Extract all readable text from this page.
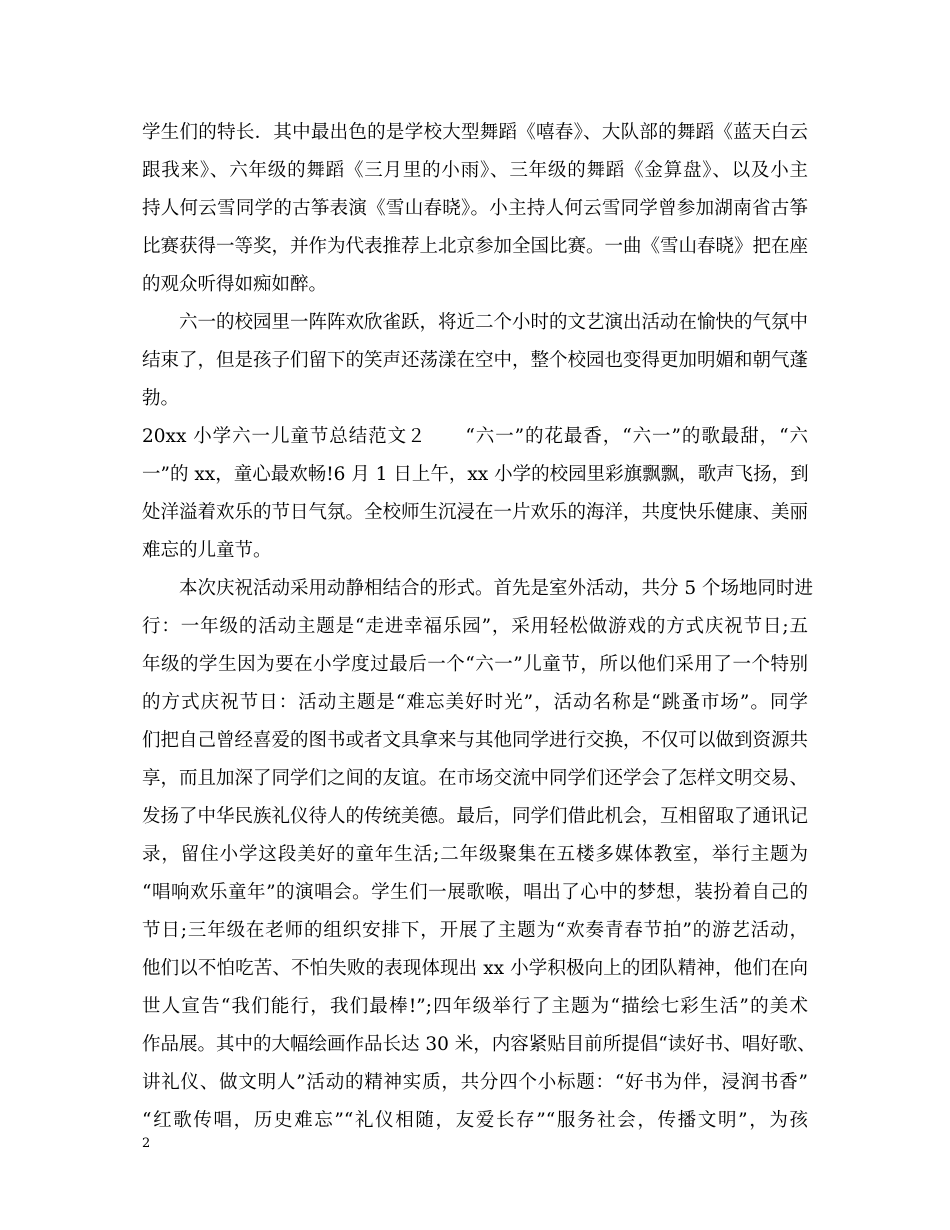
学生们的特长．其中最出色的是学校大型舞蹈《嘻春》、大队部的舞蹈《蓝天白云
跟我来》、六年级的舞蹈《三月里的小雨》、三年级的舞蹈《金算盘》、以及小主
持人何云雪同学的古筝表演《雪山春晓》。小主持人何云雪同学曾参加湖南省古筝
比赛获得一等奖，并作为代表推荐上北京参加全国比赛。一曲《雪山春晓》把在座
的观众听得如痴如醉。
六一的校园里一阵阵欢欣雀跃，将近二个小时的文艺演出活动在愉快的气氛中
结束了，但是孩子们留下的笑声还荡漾在空中，整个校园也变得更加明媚和朝气蓬
勃。
20xx 小学六一儿童节总结范文２　　“六一”的花最香，“六一”的歌最甜，“六
一”的 xx，童心最欢畅!6 月 1 日上午，xx 小学的校园里彩旗飘飘，歌声飞扬，到
处洋溢着欢乐的节日气氛。全校师生沉浸在一片欢乐的海洋，共度快乐健康、美丽
难忘的儿童节。
本次庆祝活动采用动静相结合的形式。首先是室外活动，共分 5 个场地同时进
行：一年级的活动主题是“走进幸福乐园”，采用轻松做游戏的方式庆祝节日;五
年级的学生因为要在小学度过最后一个“六一”儿童节，所以他们采用了一个特别
的方式庆祝节日：活动主题是“难忘美好时光”，活动名称是“跳蚤市场”。同学
们把自己曾经喜爱的图书或者文具拿来与其他同学进行交换，不仅可以做到资源共
享，而且加深了同学们之间的友谊。在市场交流中同学们还学会了怎样文明交易、
发扬了中华民族礼仪待人的传统美德。最后，同学们借此机会，互相留取了通讯记
录，留住小学这段美好的童年生活;二年级聚集在五楼多媒体教室，举行主题为
“唱响欢乐童年”的演唱会。学生们一展歌喉，唱出了心中的梦想，装扮着自己的
节日;三年级在老师的组织安排下，开展了主题为“欢奏青春节拍”的游艺活动，
他们以不怕吃苦、不怕失败的表现体现出 xx 小学积极向上的团队精神，他们在向
世人宣告“我们能行，我们最棒!”;四年级举行了主题为“描绘七彩生活”的美术
作品展。其中的大幅绘画作品长达 30 米，内容紧贴目前所提倡“读好书、唱好歌、
讲礼仪、做文明人”活动的精神实质，共分四个小标题：“好书为伴，浸润书香”
“红歌传唱，历史难忘”“礼仪相随，友爱长存”“服务社会，传播文明”，为孩
2
